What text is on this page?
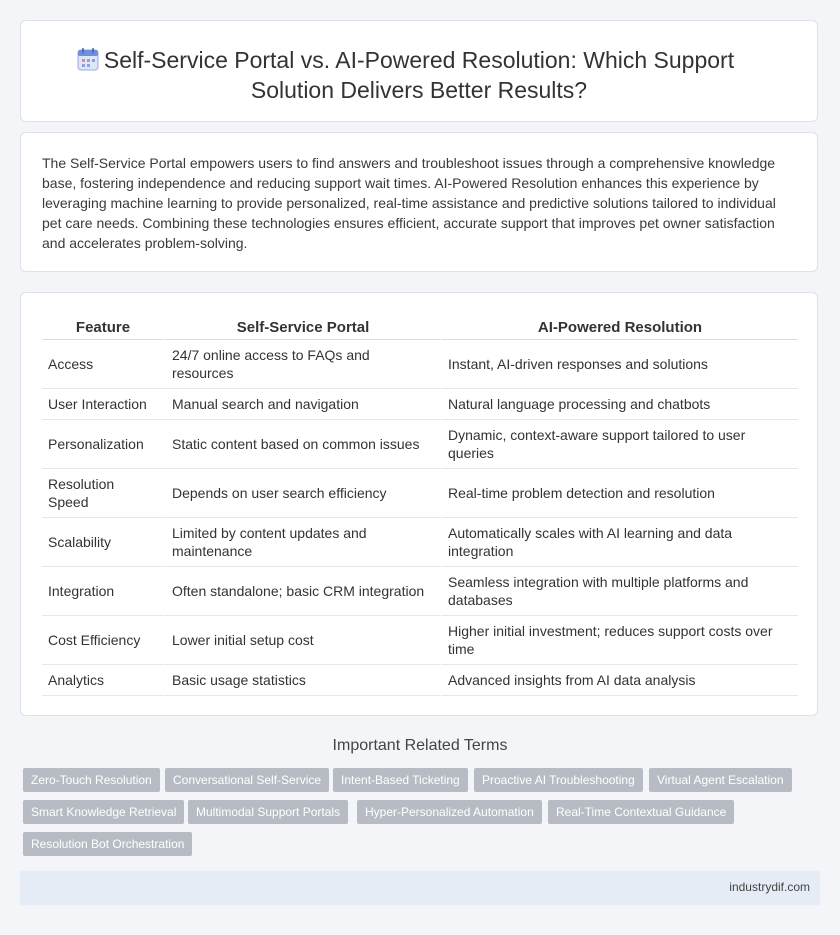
Self-Service Portal vs. AI-Powered Resolution: Which Support
Solution Delivers Better Results?
The Self-Service Portal empowers users to find answers and troubleshoot issues through a comprehensive knowledge base, fostering independence and reducing support wait times. AI-Powered Resolution enhances this experience by leveraging machine learning to provide personalized, real-time assistance and predictive solutions tailored to individual pet care needs. Combining these technologies ensures efficient, accurate support that improves pet owner satisfaction and accelerates problem-solving.
Feature	Self-Service Portal	AI-Powered Resolution
Access	24/7 online access to FAQs and resources	Instant, AI-driven responses and solutions
User Interaction	Manual search and navigation	Natural language processing and chatbots
Personalization	Static content based on common issues	Dynamic, context-aware support tailored to user queries
Resolution Speed	Depends on user search efficiency	Real-time problem detection and resolution
Scalability	Limited by content updates and maintenance	Automatically scales with AI learning and data integration
Integration	Often standalone; basic CRM integration	Seamless integration with multiple platforms and databases
Cost Efficiency	Lower initial setup cost	Higher initial investment; reduces support costs over time
Analytics	Basic usage statistics	Advanced insights from AI data analysis
Important Related Terms
Zero-Touch Resolution	Conversational Self-Service	Intent-Based Ticketing	Proactive AI Troubleshooting	Virtual Agent Escalation
Smart Knowledge Retrieval	Multimodal Support Portals	Hyper-Personalized Automation	Real-Time Contextual Guidance
Resolution Bot Orchestration
industrydif.com
